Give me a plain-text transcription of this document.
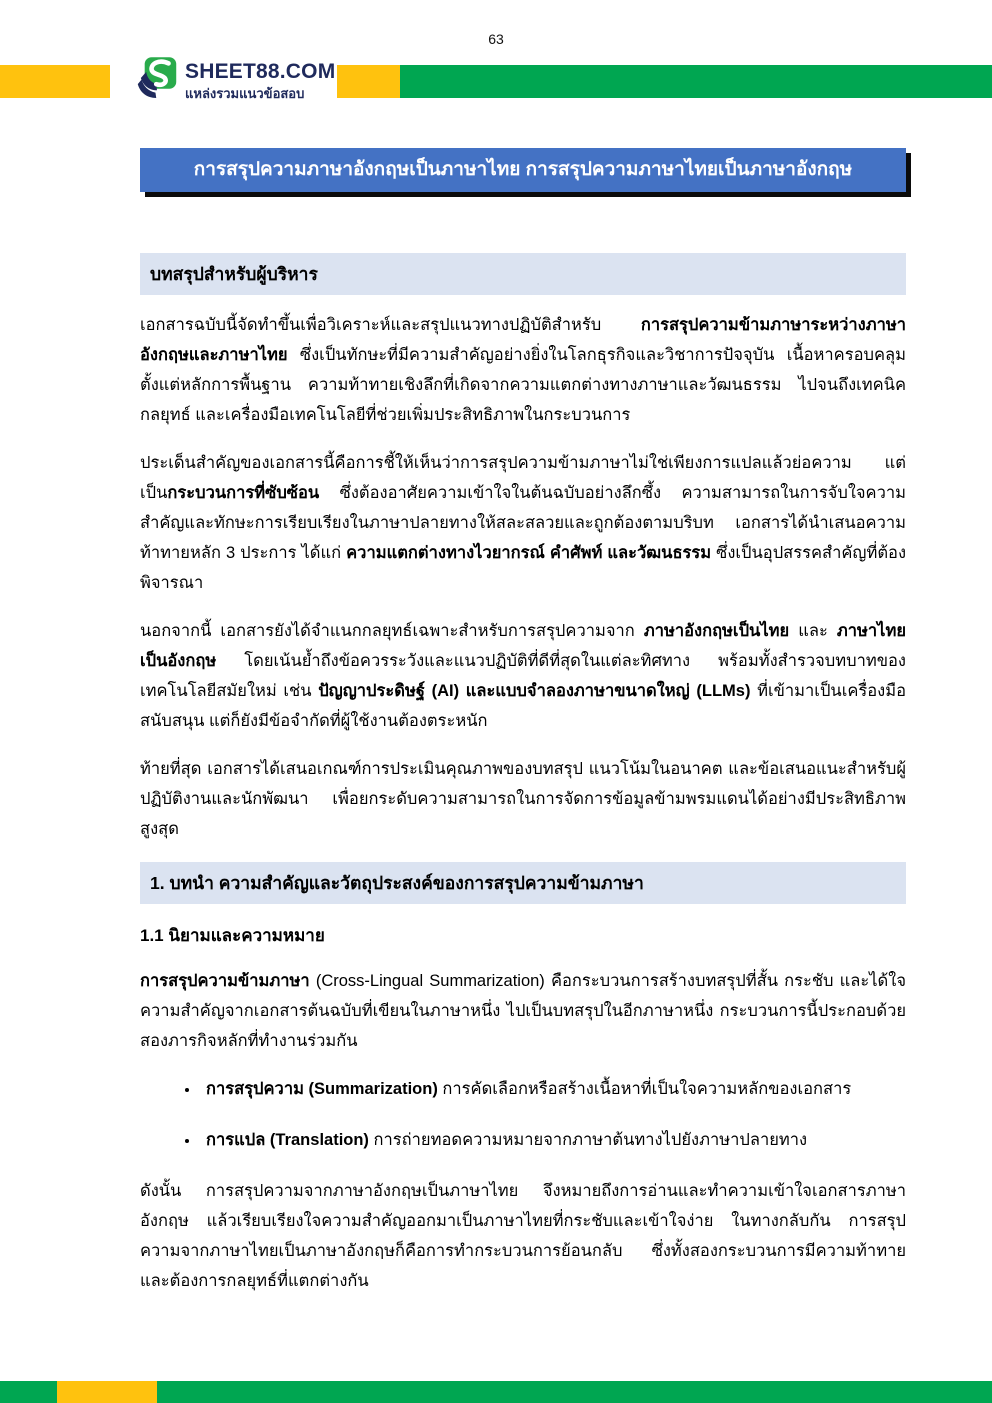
63
SHEET88.COM
แหล่งรวมแนวข้อสอบ
การสรุปความภาษาอังกฤษเป็นภาษาไทย การสรุปความภาษาไทยเป็นภาษาอังกฤษ
บทสรุปสำหรับผู้บริหาร

เอกสารฉบับนี้จัดทำขึ้นเพื่อวิเคราะห์และสรุปแนวทางปฏิบัติสำหรับ การสรุปความข้ามภาษาระหว่างภาษาอังกฤษและภาษาไทย ซึ่งเป็นทักษะที่มีความสำคัญอย่างยิ่งในโลกธุรกิจและวิชาการปัจจุบัน เนื้อหาครอบคลุมตั้งแต่หลักการพื้นฐาน ความท้าทายเชิงลึกที่เกิดจากความแตกต่างทางภาษาและวัฒนธรรม ไปจนถึงเทคนิค กลยุทธ์ และเครื่องมือเทคโนโลยีที่ช่วยเพิ่มประสิทธิภาพในกระบวนการ

ประเด็นสำคัญของเอกสารนี้คือการชี้ให้เห็นว่าการสรุปความข้ามภาษาไม่ใช่เพียงการแปลแล้วย่อความ แต่เป็นกระบวนการที่ซับซ้อน ซึ่งต้องอาศัยความเข้าใจในต้นฉบับอย่างลึกซึ้ง ความสามารถในการจับใจความสำคัญและทักษะการเรียบเรียงในภาษาปลายทางให้สละสลวยและถูกต้องตามบริบท เอกสารได้นำเสนอความท้าทายหลัก 3 ประการ ได้แก่ ความแตกต่างทางไวยากรณ์ คำศัพท์ และวัฒนธรรม ซึ่งเป็นอุปสรรคสำคัญที่ต้องพิจารณา

นอกจากนี้ เอกสารยังได้จำแนกกลยุทธ์เฉพาะสำหรับการสรุปความจาก ภาษาอังกฤษเป็นไทย และ ภาษาไทยเป็นอังกฤษ โดยเน้นย้ำถึงข้อควรระวังและแนวปฏิบัติที่ดีที่สุดในแต่ละทิศทาง พร้อมทั้งสำรวจบทบาทของเทคโนโลยีสมัยใหม่ เช่น ปัญญาประดิษฐ์ (AI) และแบบจำลองภาษาขนาดใหญ่ (LLMs) ที่เข้ามาเป็นเครื่องมือสนับสนุน แต่ก็ยังมีข้อจำกัดที่ผู้ใช้งานต้องตระหนัก

ท้ายที่สุด เอกสารได้เสนอเกณฑ์การประเมินคุณภาพของบทสรุป แนวโน้มในอนาคต และข้อเสนอแนะสำหรับผู้ปฏิบัติงานและนักพัฒนา เพื่อยกระดับความสามารถในการจัดการข้อมูลข้ามพรมแดนได้อย่างมีประสิทธิภาพสูงสุด

1. บทนำ ความสำคัญและวัตถุประสงค์ของการสรุปความข้ามภาษา
1.1 นิยามและความหมาย

การสรุปความข้ามภาษา (Cross-Lingual Summarization) คือกระบวนการสร้างบทสรุปที่สั้น กระชับ และได้ใจความสำคัญจากเอกสารต้นฉบับที่เขียนในภาษาหนึ่ง ไปเป็นบทสรุปในอีกภาษาหนึ่ง กระบวนการนี้ประกอบด้วยสองภารกิจหลักที่ทำงานร่วมกัน

• การสรุปความ (Summarization) การคัดเลือกหรือสร้างเนื้อหาที่เป็นใจความหลักของเอกสาร
• การแปล (Translation) การถ่ายทอดความหมายจากภาษาต้นทางไปยังภาษาปลายทาง

ดังนั้น การสรุปความจากภาษาอังกฤษเป็นภาษาไทย จึงหมายถึงการอ่านและทำความเข้าใจเอกสารภาษาอังกฤษ แล้วเรียบเรียงใจความสำคัญออกมาเป็นภาษาไทยที่กระชับและเข้าใจง่าย ในทางกลับกัน การสรุปความจากภาษาไทยเป็นภาษาอังกฤษก็คือการทำกระบวนการย้อนกลับ ซึ่งทั้งสองกระบวนการมีความท้าทายและต้องการกลยุทธ์ที่แตกต่างกัน
